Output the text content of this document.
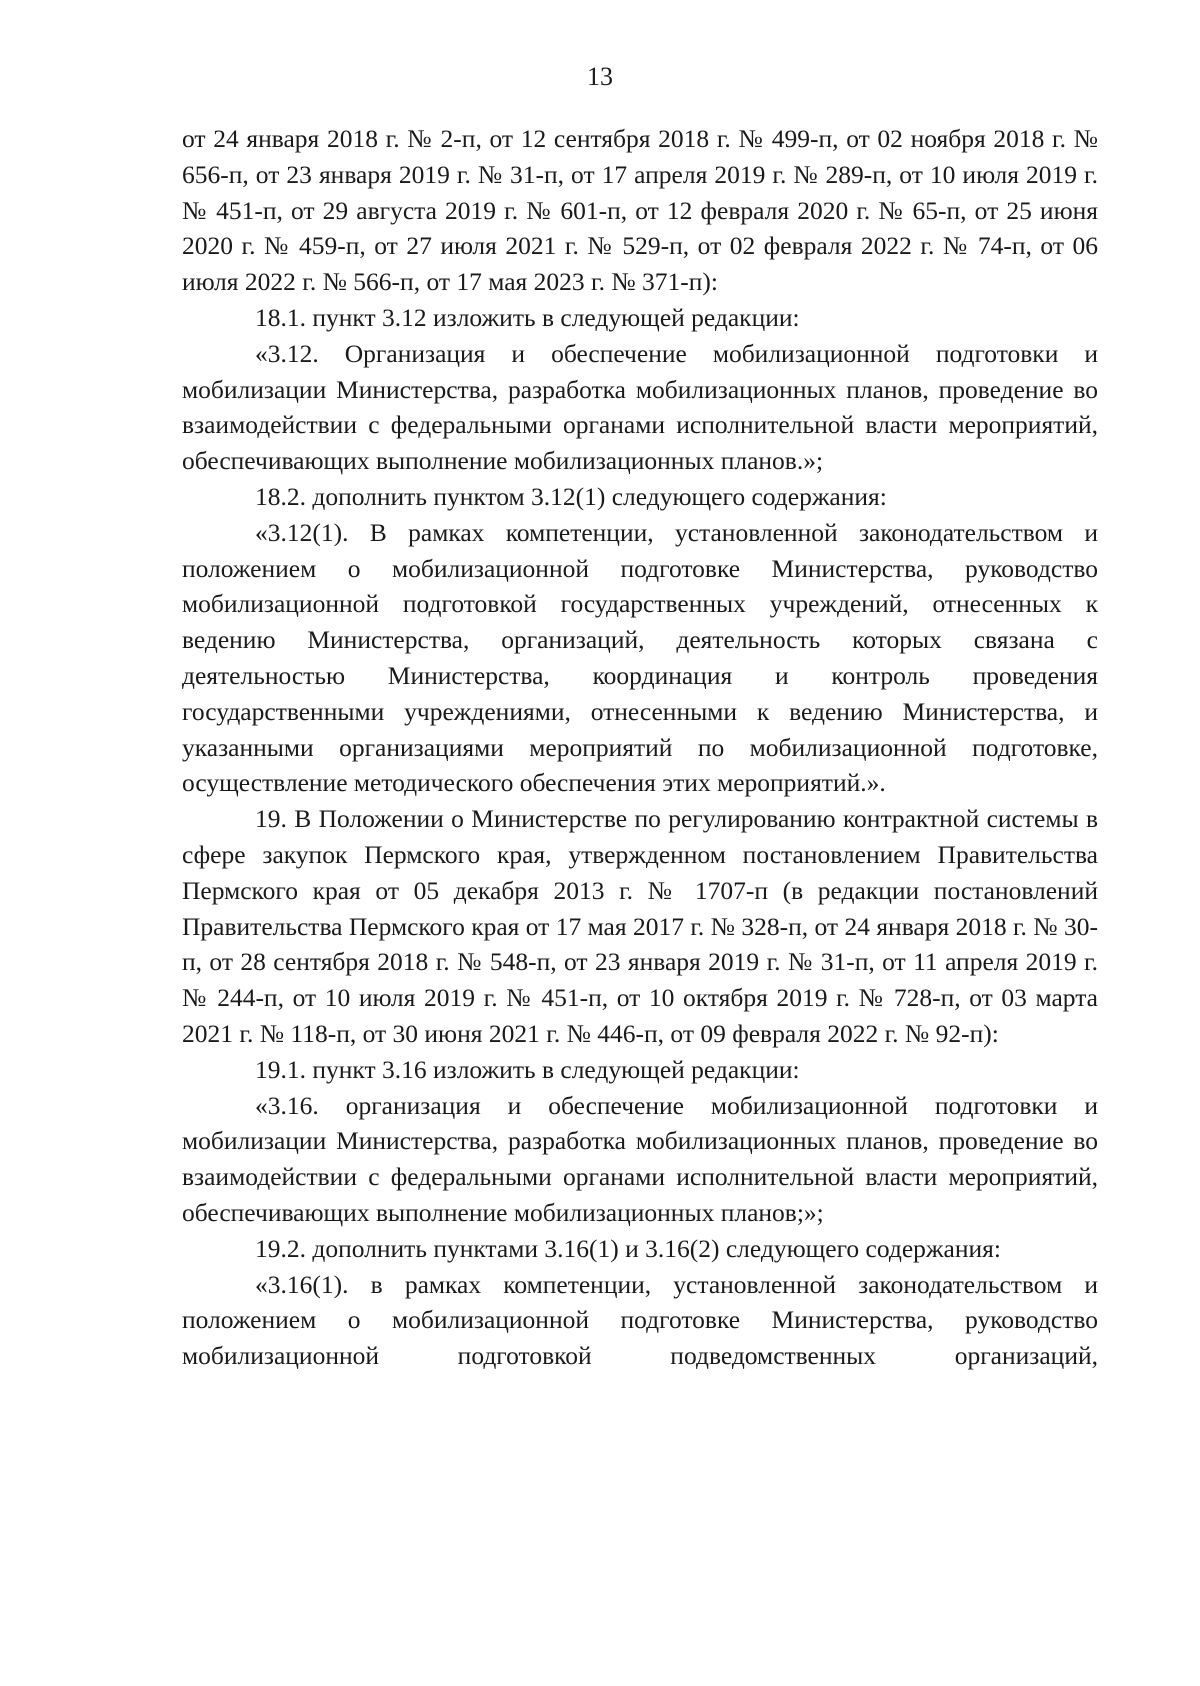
13

от 24 января 2018 г. № 2-п, от 12 сентября 2018 г. № 499-п, от 02 ноября 2018 г. № 656-п, от 23 января 2019 г. № 31-п, от 17 апреля 2019 г. № 289-п, от 10 июля 2019 г. № 451-п, от 29 августа 2019 г. № 601-п, от 12 февраля 2020 г. № 65-п, от 25 июня 2020 г. № 459-п, от 27 июля 2021 г. № 529-п, от 02 февраля 2022 г. № 74-п, от 06 июля 2022 г. № 566-п, от 17 мая 2023 г. № 371-п):

18.1. пункт 3.12 изложить в следующей редакции:

«3.12. Организация и обеспечение мобилизационной подготовки и мобилизации Министерства, разработка мобилизационных планов, проведение во взаимодействии с федеральными органами исполнительной власти мероприятий, обеспечивающих выполнение мобилизационных планов.»;

18.2. дополнить пунктом 3.12(1) следующего содержания:

«3.12(1). В рамках компетенции, установленной законодательством и положением о мобилизационной подготовке Министерства, руководство мобилизационной подготовкой государственных учреждений, отнесенных к ведению Министерства, организаций, деятельность которых связана с деятельностью Министерства, координация и контроль проведения государственными учреждениями, отнесенными к ведению Министерства, и указанными организациями мероприятий по мобилизационной подготовке, осуществление методического обеспечения этих мероприятий.».

19. В Положении о Министерстве по регулированию контрактной системы в сфере закупок Пермского края, утвержденном постановлением Правительства Пермского края от 05 декабря 2013 г. № 1707-п (в редакции постановлений Правительства Пермского края от 17 мая 2017 г. № 328-п, от 24 января 2018 г. № 30-п, от 28 сентября 2018 г. № 548-п, от 23 января 2019 г. № 31-п, от 11 апреля 2019 г. № 244-п, от 10 июля 2019 г. № 451-п, от 10 октября 2019 г. № 728-п, от 03 марта 2021 г. № 118-п, от 30 июня 2021 г. № 446-п, от 09 февраля 2022 г. № 92-п):

19.1. пункт 3.16 изложить в следующей редакции:

«3.16. организация и обеспечение мобилизационной подготовки и мобилизации Министерства, разработка мобилизационных планов, проведение во взаимодействии с федеральными органами исполнительной власти мероприятий, обеспечивающих выполнение мобилизационных планов;»;

19.2. дополнить пунктами 3.16(1) и 3.16(2) следующего содержания:

«3.16(1). в рамках компетенции, установленной законодательством и положением о мобилизационной подготовке Министерства, руководство мобилизационной подготовкой подведомственных организаций,
